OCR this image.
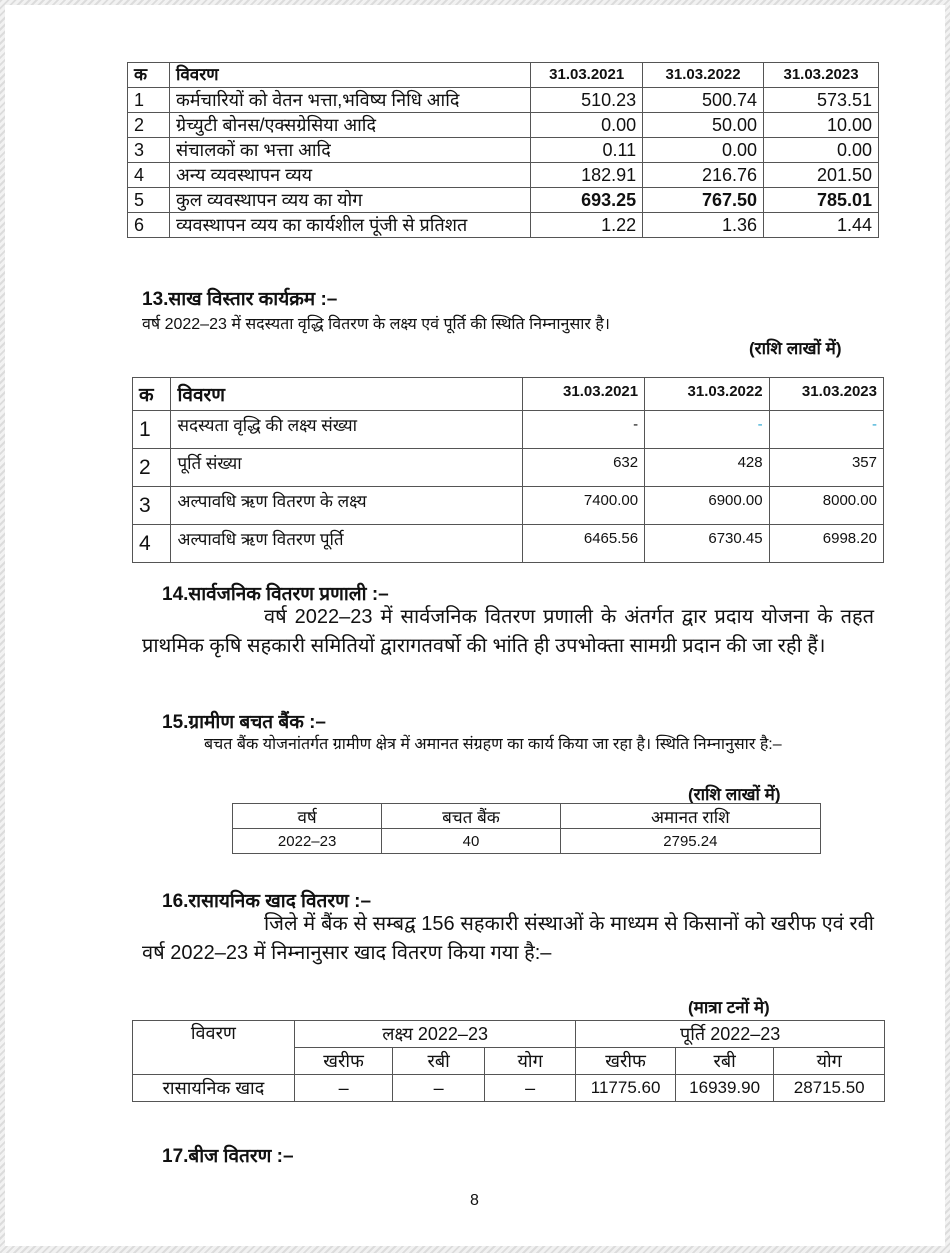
क	विवरण	31.03.2021	31.03.2022	31.03.2023
1	कर्मचारियों को वेतन भत्ता,भविष्य निधि आदि	510.23	500.74	573.51
2	ग्रेच्युटी बोनस/एक्सग्रेसिया आदि	0.00	50.00	10.00
3	संचालकों का भत्ता आदि	0.11	0.00	0.00
4	अन्य व्यवस्थापन व्यय	182.91	216.76	201.50
5	कुल व्यवस्थापन व्यय का योग	693.25	767.50	785.01
6	व्यवस्थापन व्यय का कार्यशील पूंजी से प्रतिशत	1.22	1.36	1.44
13.साख विस्तार कार्यक्रम :–
वर्ष 2022–23 में सदस्यता वृद्धि वितरण के लक्ष्य एवं पूर्ति की स्थिति निम्नानुसार है।
(राशि लाखों में)
क	विवरण	31.03.2021	31.03.2022	31.03.2023
1	सदस्यता वृद्धि की लक्ष्य संख्या	-	-	-
2	पूर्ति संख्या	632	428	357
3	अल्पावधि ऋण वितरण के लक्ष्य	7400.00	6900.00	8000.00
4	अल्पावधि ऋण वितरण पूर्ति	6465.56	6730.45	6998.20
14.सार्वजनिक वितरण प्रणाली :–
वर्ष 2022–23 में सार्वजनिक वितरण प्रणाली के अंतर्गत द्वार प्रदाय योजना के तहत प्राथमिक कृषि सहकारी समितियों द्वारागतवर्षो की भांति ही उपभोक्ता सामग्री प्रदान की जा रही हैं।
15.ग्रामीण बचत बैंक :–
बचत बैंक योजनांतर्गत ग्रामीण क्षेत्र में अमानत संग्रहण का कार्य किया जा रहा है। स्थिति निम्नानुसार है:–
(राशि लाखों में)
वर्ष	बचत बैंक	अमानत राशि
2022–23	40	2795.24
16.रासायनिक खाद वितरण :–
जिले में बैंक से सम्बद्व 156 सहकारी संस्थाओं के माध्यम से किसानों को खरीफ एवं रवी वर्ष 2022–23 में निम्नानुसार खाद वितरण किया गया है:–
(मात्रा टनों मे)
विवरण	लक्ष्य 2022–23			पूर्ति 2022–23		
	खरीफ	रबी	योग	खरीफ	रबी	योग
रासायनिक खाद	–	–	–	11775.60	16939.90	28715.50
17.बीज वितरण :–
8
